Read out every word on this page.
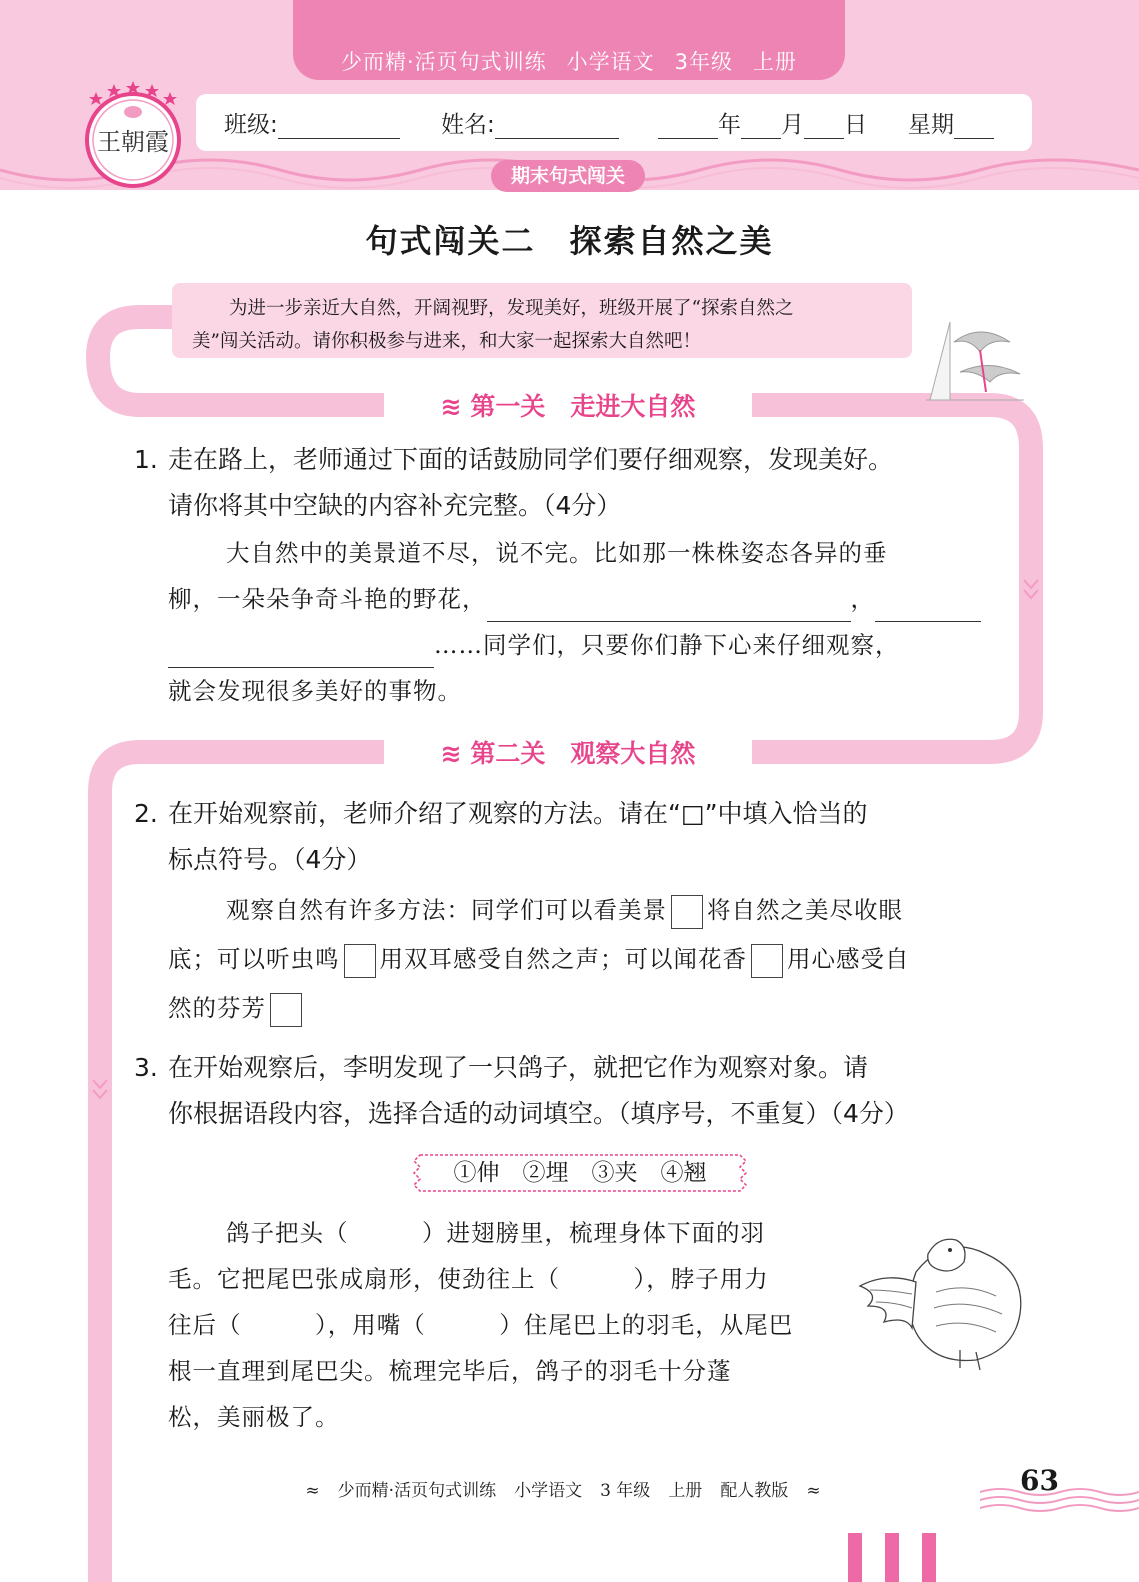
少而精·活页句式训练 小学语文 3年级 上册
班级:	姓名:	年 月 日 星期
王朝霞
期末句式闯关
句式闯关二　探索自然之美
为进一步亲近大自然，开阔视野，发现美好，班级开展了“探索自然之
美”闯关活动。请你积极参与进来，和大家一起探索大自然吧！
≋ 第一关　走进大自然
1. 走在路上，老师通过下面的话鼓励同学们要仔细观察，发现美好。
请你将其中空缺的内容补充完整。（4分）
大自然中的美景道不尽，说不完。比如那一株株姿态各异的垂
柳，一朵朵争奇斗艳的野花，	，
……同学们，只要你们静下心来仔细观察，
就会发现很多美好的事物。
≋ 第二关　观察大自然
2. 在开始观察前，老师介绍了观察的方法。请在“□”中填入恰当的
标点符号。（4分）
观察自然有许多方法：同学们可以看美景 将自然之美尽收眼
底；可以听虫鸣 用双耳感受自然之声；可以闻花香 用心感受自
然的芬芳
3. 在开始观察后，李明发现了一只鸽子，就把它作为观察对象。请
你根据语段内容，选择合适的动词填空。（填序号，不重复）（4分）
①伸　②埋　③夹　④翘
鸽子把头（　　　）进翅膀里，梳理身体下面的羽
毛。它把尾巴张成扇形，使劲往上（　　　），脖子用力
往后（　　　），用嘴（　　　）住尾巴上的羽毛，从尾巴
根一直理到尾巴尖。梳理完毕后，鸽子的羽毛十分蓬
松，美丽极了。
≈ 少而精·活页句式训练 小学语文 3 年级 上册 配人教版 ≈	63
